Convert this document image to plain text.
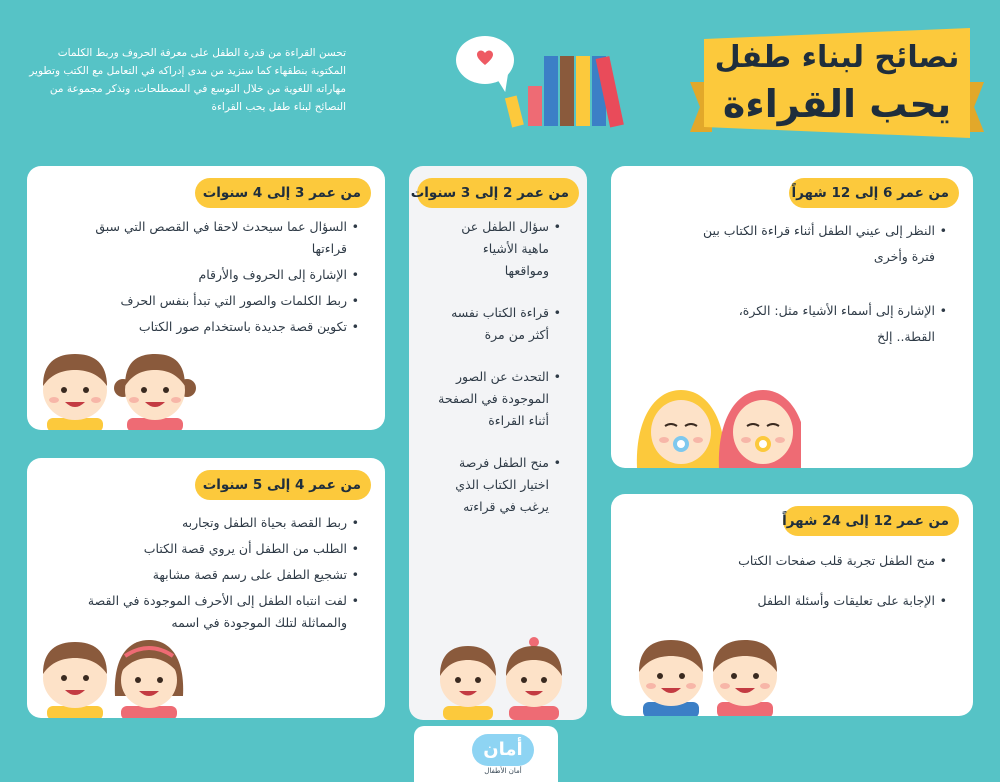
تحسن القراءة من قدرة الطفل على معرفة الحروف وربط الكلمات المكتوبة بنطقهاء كما ستزيد من مدى إدراكه في التعامل مع الكتب وتطوير مهاراته اللغوية من خلال التوسع في المصطلحات، ونذكر مجموعة من النصائح لبناء طفل يحب القراءة
نصائح لبناء طفل
يحب القراءة
من عمر 6 إلى 12 شهراً
• النظر إلى عيني الطفل أثناء قراءة الكتاب بين فترة وأخرى
• الإشارة إلى أسماء الأشياء مثل: الكرة، القطة.. إلخ
من عمر 12 إلى 24 شهراً
• منح الطفل تجربة قلب صفحات الكتاب
• الإجابة على تعليقات وأسئلة الطفل
من عمر 2 إلى 3 سنوات
• سؤال الطفل عن ماهية الأشياء ومواقعها
• قراءة الكتاب نفسه أكثر من مرة
• التحدث عن الصور الموجودة في الصفحة أثناء القراءة
• منح الطفل فرصة اختيار الكتاب الذي يرغب في قراءته
من عمر 3 إلى 4 سنوات
• السؤال عما سيحدث لاحقا في القصص التي سبق قراءتها
• الإشارة إلى الحروف والأرقام
• ربط الكلمات والصور التي تبدأ بنفس الحرف
• تكوين قصة جديدة باستخدام صور الكتاب
من عمر 4 إلى 5 سنوات
• ربط القصة بحياة الطفل وتجاربه
• الطلب من الطفل أن يروي قصة الكتاب
• تشجيع الطفل على رسم قصة مشابهة
• لفت انتباه الطفل إلى الأحرف الموجودة في القصة والمماثلة لتلك الموجودة في اسمه
أمان
أمان الأطفال
